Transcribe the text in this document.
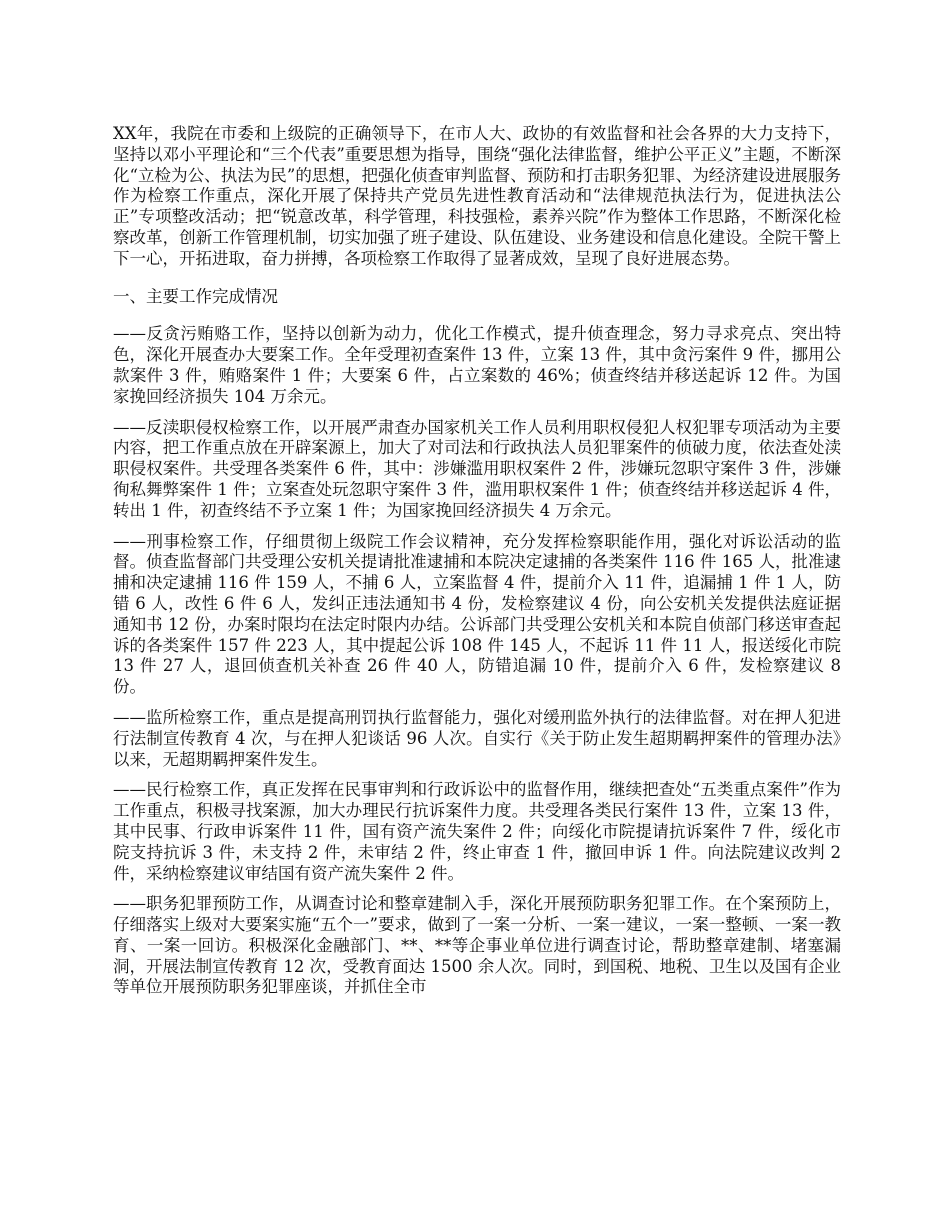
XX年，我院在市委和上级院的正确领导下，在市人大、政协的有效监督和社会各界的大力支持下，坚持以邓小平理论和“三个代表”重要思想为指导，围绕“强化法律监督，维护公平正义”主题，不断深化“立检为公、执法为民”的思想，把强化侦查审判监督、预防和打击职务犯罪、为经济建设进展服务作为检察工作重点，深化开展了保持共产党员先进性教育活动和“法律规范执法行为，促进执法公正”专项整改活动；把“锐意改革，科学管理，科技强检，素养兴院”作为整体工作思路，不断深化检察改革，创新工作管理机制，切实加强了班子建设、队伍建设、业务建设和信息化建设。全院干警上下一心，开拓进取，奋力拼搏，各项检察工作取得了显著成效，呈现了良好进展态势。

一、主要工作完成情况

——反贪污贿赂工作，坚持以创新为动力，优化工作模式，提升侦查理念，努力寻求亮点、突出特色，深化开展查办大要案工作。全年受理初查案件 13 件，立案 13 件，其中贪污案件 9 件，挪用公款案件 3 件，贿赂案件 1 件；大要案 6 件，占立案数的 46%；侦查终结并移送起诉 12 件。为国家挽回经济损失 104 万余元。

——反渎职侵权检察工作，以开展严肃查办国家机关工作人员利用职权侵犯人权犯罪专项活动为主要内容，把工作重点放在开辟案源上，加大了对司法和行政执法人员犯罪案件的侦破力度，依法查处渎职侵权案件。共受理各类案件 6 件，其中：涉嫌滥用职权案件 2 件，涉嫌玩忽职守案件 3 件，涉嫌徇私舞弊案件 1 件；立案查处玩忽职守案件 3 件，滥用职权案件 1 件；侦查终结并移送起诉 4 件，转出 1 件，初查终结不予立案 1 件；为国家挽回经济损失 4 万余元。

——刑事检察工作，仔细贯彻上级院工作会议精神，充分发挥检察职能作用，强化对诉讼活动的监督。侦查监督部门共受理公安机关提请批准逮捕和本院决定逮捕的各类案件 116 件 165 人，批准逮捕和决定逮捕 116 件 159 人，不捕 6 人，立案监督 4 件，提前介入 11 件，追漏捕 1 件 1 人，防错 6 人，改性 6 件 6 人，发纠正违法通知书 4 份，发检察建议 4 份，向公安机关发提供法庭证据通知书 12 份，办案时限均在法定时限内办结。公诉部门共受理公安机关和本院自侦部门移送审查起诉的各类案件 157 件 223 人，其中提起公诉 108 件 145 人，不起诉 11 件 11 人，报送绥化市院 13 件 27 人，退回侦查机关补查 26 件 40 人，防错追漏 10 件，提前介入 6 件，发检察建议 8 份。

——监所检察工作，重点是提高刑罚执行监督能力，强化对缓刑监外执行的法律监督。对在押人犯进行法制宣传教育 4 次，与在押人犯谈话 96 人次。自实行《关于防止发生超期羁押案件的管理办法》以来，无超期羁押案件发生。

——民行检察工作，真正发挥在民事审判和行政诉讼中的监督作用，继续把查处“五类重点案件”作为工作重点，积极寻找案源，加大办理民行抗诉案件力度。共受理各类民行案件 13 件，立案 13 件，其中民事、行政申诉案件 11 件，国有资产流失案件 2 件；向绥化市院提请抗诉案件 7 件，绥化市院支持抗诉 3 件，未支持 2 件，未审结 2 件，终止审查 1 件，撤回申诉 1 件。向法院建议改判 2 件，采纳检察建议审结国有资产流失案件 2 件。

——职务犯罪预防工作，从调查讨论和整章建制入手，深化开展预防职务犯罪工作。在个案预防上，仔细落实上级对大要案实施“五个一”要求，做到了一案一分析、一案一建议，一案一整顿、一案一教育、一案一回访。积极深化金融部门、**、**等企事业单位进行调查讨论，帮助整章建制、堵塞漏洞，开展法制宣传教育 12 次，受教育面达 1500 余人次。同时，到国税、地税、卫生以及国有企业等单位开展预防职务犯罪座谈，并抓住全市
